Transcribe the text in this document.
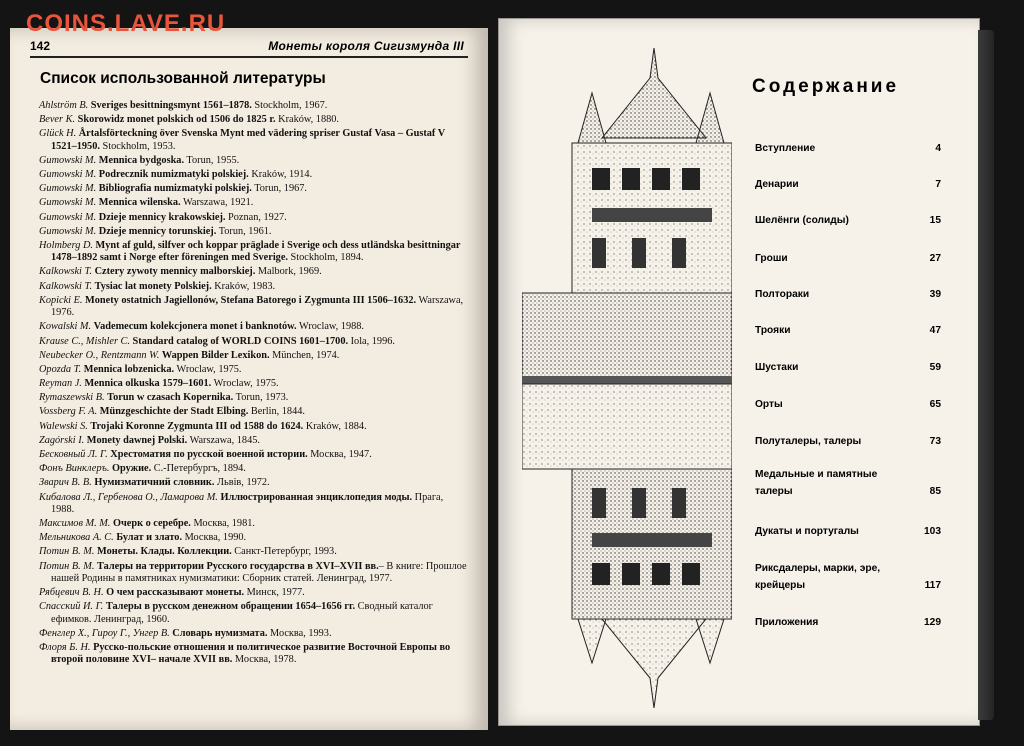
COINS.LAVE.RU
142	Монеты короля Сигизмунда III
Список использованной литературы
Ahlström B. Sveriges besittningsmynt 1561–1878. Stockholm, 1967.
Bever K. Skorowidz monet polskich od 1506 do 1825 r. Kraków, 1880.
Glück H. Årtalsförteckning över Svenska Mynt med vädering spriser Gustaf Vasa – Gustaf V 1521–1950. Stockholm, 1953.
Gumowski M. Mennica bydgoska. Torun, 1955.
Gumowski M. Podrecznik numizmatyki polskiej. Kraków, 1914.
Gumowski M. Bibliografia numizmatyki polskiej. Torun, 1967.
Gumowski M. Mennica wilenska. Warszawa, 1921.
Gumowski M. Dzieje mennicy krakowskiej. Poznan, 1927.
Gumowski M. Dzieje mennicy torunskiej. Torun, 1961.
Holmberg D. Mynt af guld, silfver och koppar präglade i Sverige och dess utländska besittningar 1478–1892 samt i Norge efter föreningen med Sverige. Stockholm, 1894.
Kalkowski T. Cztery zywoty mennicy malborskiej. Malbork, 1969.
Kalkowski T. Tysiac lat monety Polskiej. Kraków, 1983.
Kopicki E. Monety ostatnich Jagiellonów, Stefana Batorego i Zygmunta III 1506–1632. Warszawa, 1976.
Kowalski M. Vademecum kolekcjonera monet i banknotów. Wroclaw, 1988.
Krause C., Mishler C. Standard catalog of WORLD COINS 1601–1700. Iola, 1996.
Neubecker O., Rentzmann W. Wappen Bilder Lexikon. München, 1974.
Opozda T. Mennica lobzenicka. Wroclaw, 1975.
Reyman J. Mennica olkuska 1579–1601. Wroclaw, 1975.
Rymaszewski B. Torun w czasach Kopernika. Torun, 1973.
Vossberg F. A. Münzgeschichte der Stadt Elbing. Berlin, 1844.
Walewski S. Trojaki Koronne Zygmunta III od 1588 do 1624. Kraków, 1884.
Zagórski I. Monety dawnej Polski. Warszawa, 1845.
Бесковный Л. Г. Хрестоматия по русской военной истории. Москва, 1947.
Фонъ Винклеръ. Оружие. С.-Петербургъ, 1894.
Зварич В. В. Нумизматичний словник. Львів, 1972.
Кибалова Л., Гербенова О., Ламарова М. Иллюстрированная энциклопедия моды. Прага, 1988.
Максимов М. М. Очерк о серебре. Москва, 1981.
Мельникова А. С. Булат и злато. Москва, 1990.
Потин В. М. Монеты. Клады. Коллекции. Санкт-Петербург, 1993.
Потин В. М. Талеры на территории Русского государства в XVI–XVII вв.– В книге: Прошлое нашей Родины в памятниках нумизматики: Сборник статей. Ленинград, 1977.
Рябцевич В. Н. О чем рассказывают монеты. Минск, 1977.
Спасский И. Г. Талеры в русском денежном обращении 1654–1656 гг. Сводный каталог ефимков. Ленинград, 1960.
Фенглер Х., Гироу Г., Унгер В. Словарь нумизмата. Москва, 1993.
Флоря Б. Н. Русско-польские отношения и политическое развитие Восточной Европы во второй половине XVI– начале XVII вв. Москва, 1978.
Содержание
Вступление	4
Денарии	7
Шелёнги (солиды)	15
Гроши	27
Полтораки	39
Трояки	47
Шустаки	59
Орты	65
Полуталеры, талеры	73
Медальные и памятные талеры	85
Дукаты и португалы	103
Риксдалеры, марки, эре, крейцеры	117
Приложения	129
